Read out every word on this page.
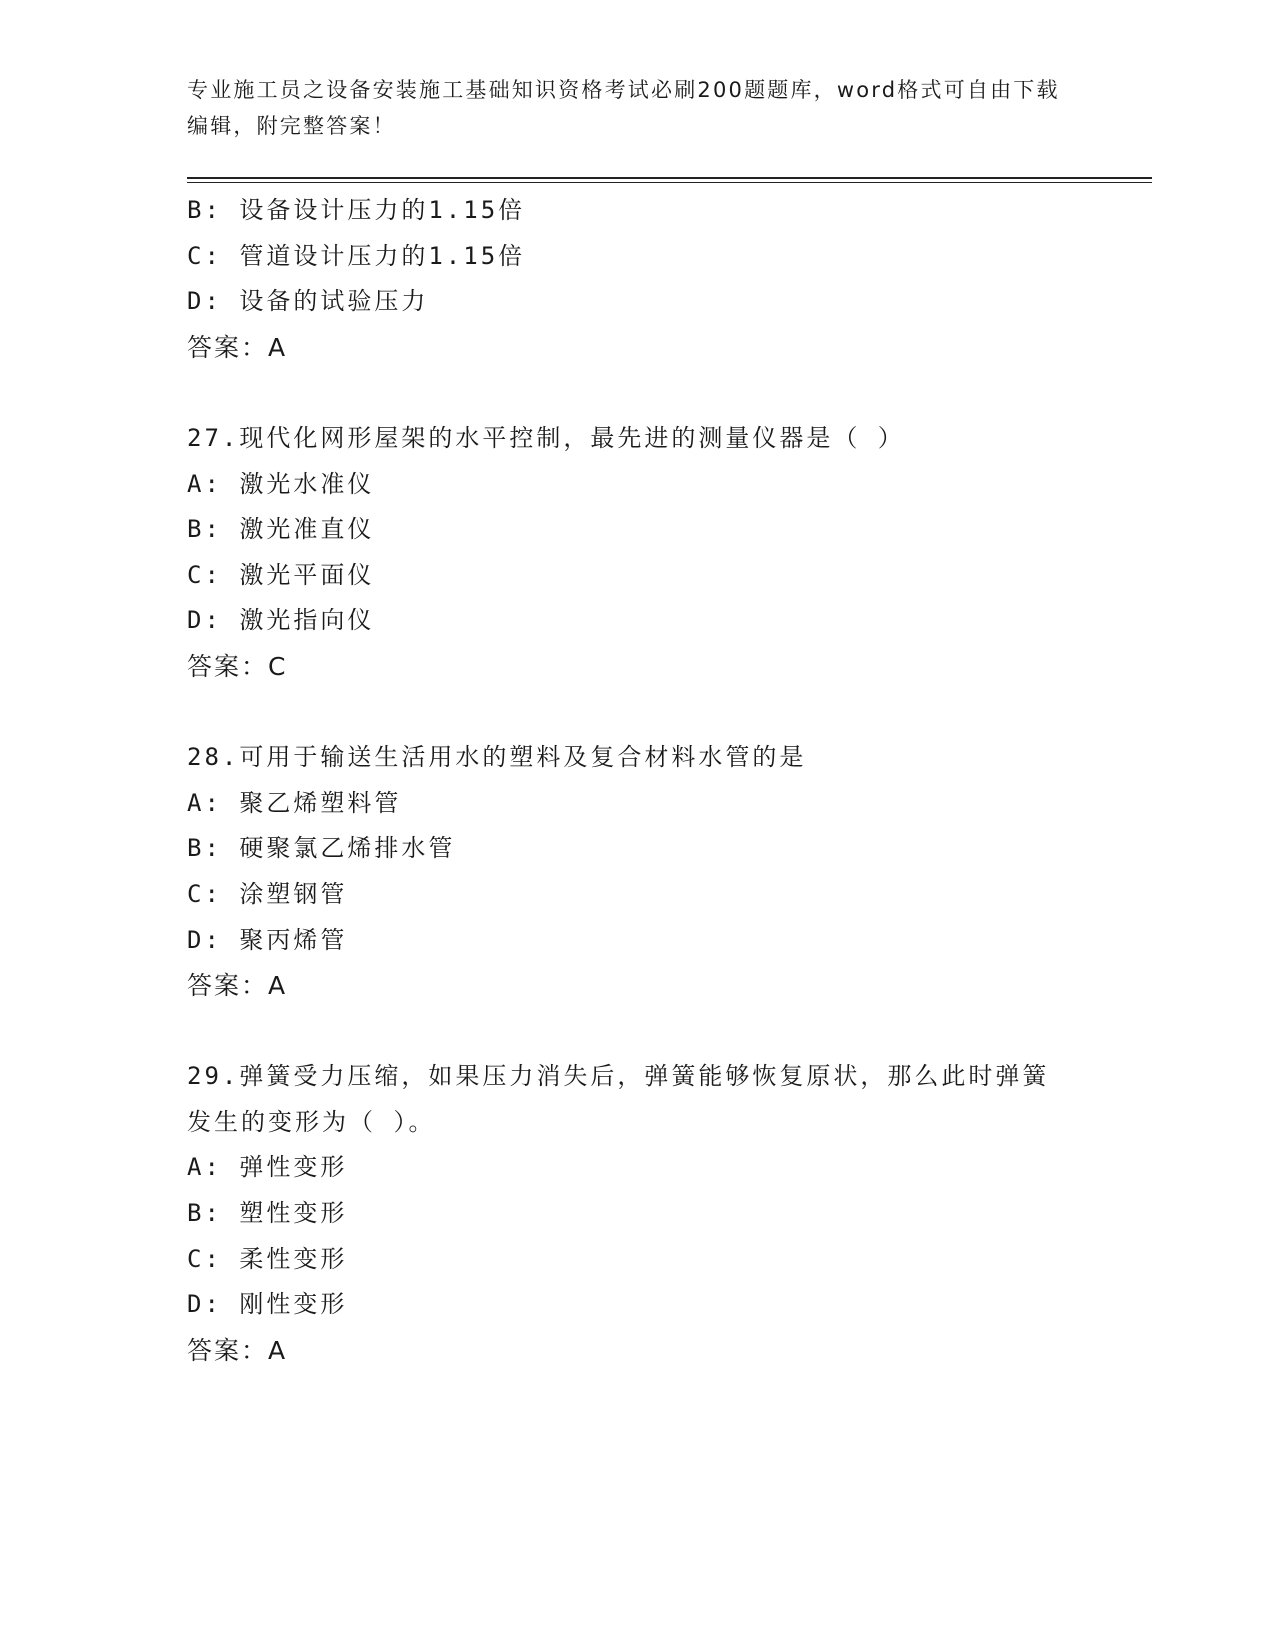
专业施工员之设备安装施工基础知识资格考试必刷200题题库，word格式可自由下载编辑，附完整答案！
B: 设备设计压力的1.15倍
C: 管道设计压力的1.15倍
D: 设备的试验压力
答案：A
27.现代化网形屋架的水平控制，最先进的测量仪器是（ ）
A: 激光水准仪
B: 激光准直仪
C: 激光平面仪
D: 激光指向仪
答案：C
28.可用于输送生活用水的塑料及复合材料水管的是
A: 聚乙烯塑料管
B: 硬聚氯乙烯排水管
C: 涂塑钢管
D: 聚丙烯管
答案：A
29.弹簧受力压缩，如果压力消失后，弹簧能够恢复原状，那么此时弹簧发生的变形为（ ）。
A: 弹性变形
B: 塑性变形
C: 柔性变形
D: 刚性变形
答案：A
